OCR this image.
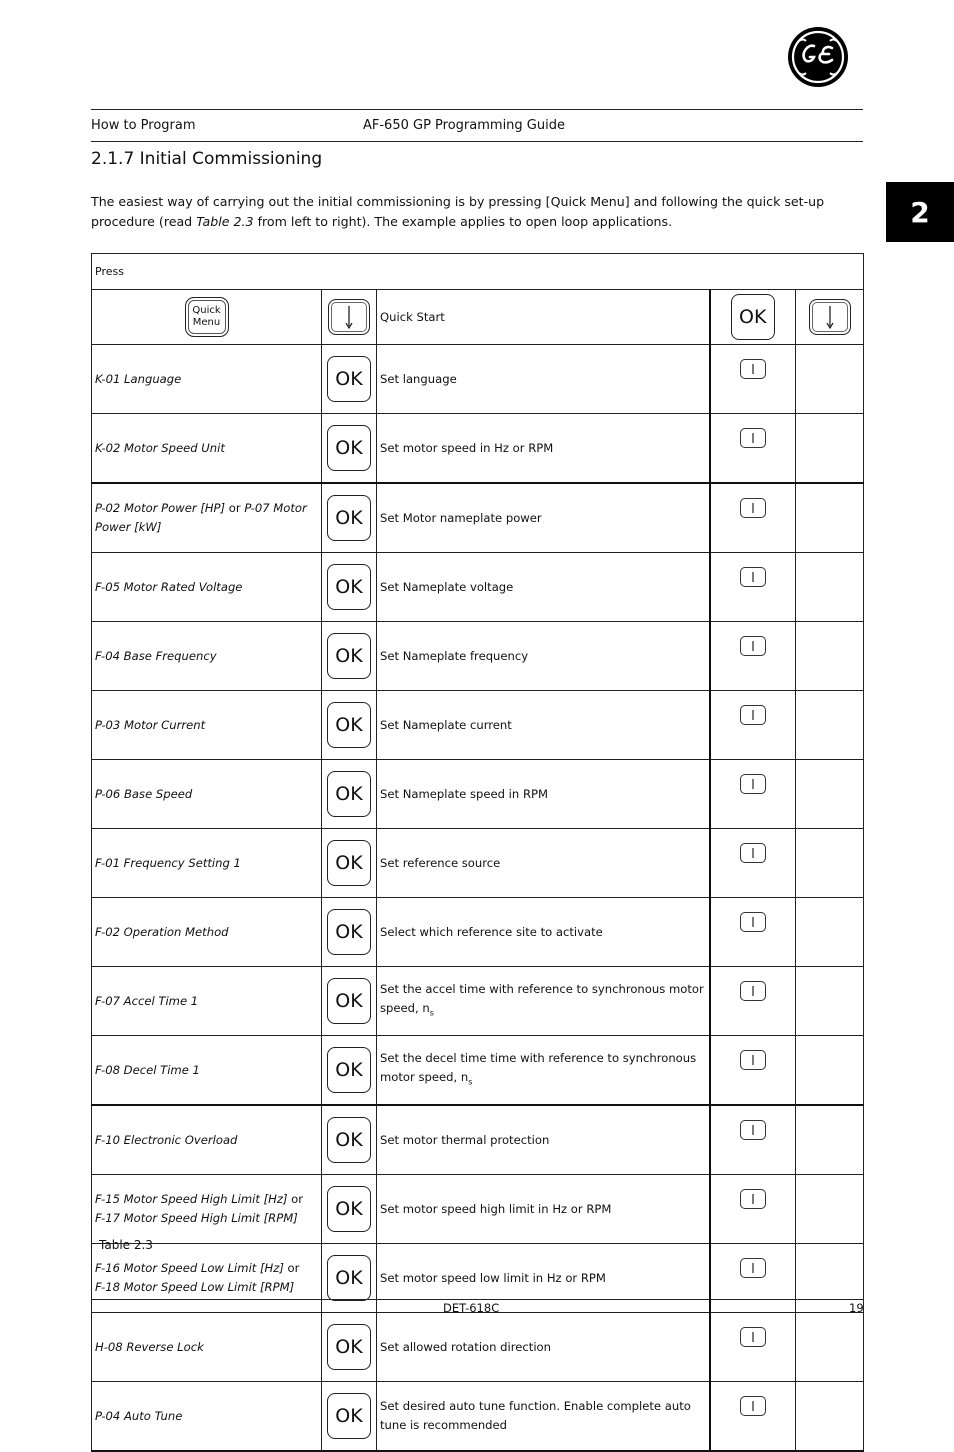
How to Program	AF-650 GP Programming Guide
2
2.1.7 Initial Commissioning

The easiest way of carrying out the initial commissioning is by pressing [Quick Menu] and following the quick set-up procedure (read Table 2.3 from left to right). The example applies to open loop applications.

Press				

Quick
Menu		Quick Start	OK	

K-01 Language	OK	Set language	

K-02 Motor Speed Unit	OK	Set motor speed in Hz or RPM	

P-02 Motor Power [HP] or P-07 Motor Power [kW]	OK	Set Motor nameplate power	

F-05 Motor Rated Voltage	OK	Set Nameplate voltage	

F-04 Base Frequency	OK	Set Nameplate frequency	

P-03 Motor Current	OK	Set Nameplate current	

P-06 Base Speed	OK	Set Nameplate speed in RPM	

F-01 Frequency Setting 1	OK	Set reference source	

F-02 Operation Method	OK	Select which reference site to activate	

F-07 Accel Time 1	OK	Set the accel time with reference to synchronous motor speed, $n_s$	

F-08 Decel Time 1	OK	Set the decel time time with reference to synchronous motor speed, $n_s$	

F-10 Electronic Overload	OK	Set motor thermal protection	

F-15 Motor Speed High Limit [Hz] or
F-17 Motor Speed High Limit [RPM]	OK	Set motor speed high limit in Hz or RPM	

F-16 Motor Speed Low Limit [Hz] or
F-18 Motor Speed Low Limit [RPM]	OK	Set motor speed low limit in Hz or RPM	

H-08 Reverse Lock	OK	Set allowed rotation direction	

P-04 Auto Tune	OK	Set desired auto tune function. Enable complete auto tune is recommended	

Table 2.3
DET-618C	19
